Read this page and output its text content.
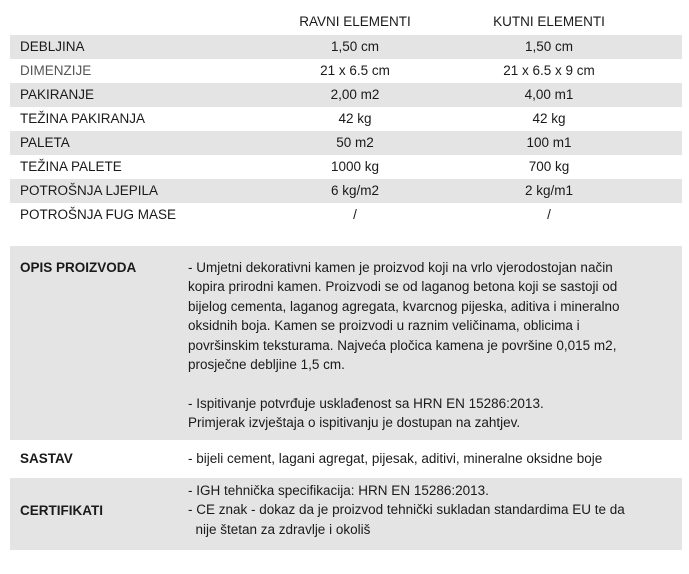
RAVNI ELEMENTI	KUTNI ELEMENTI
DEBLJINA	1,50 cm	1,50 cm
DIMENZIJE	21 x 6.5 cm	21 x 6.5 x 9 cm
PAKIRANJE	2,00 m2	4,00 m1
TEŽINA PAKIRANJA	42 kg	42 kg
PALETA	50 m2	100 m1
TEŽINA PALETE	1000 kg	700 kg
POTROŠNJA LJEPILA	6 kg/m2	2 kg/m1
POTROŠNJA FUG MASE	/	/
OPIS PROIZVODA	- Umjetni dekorativni kamen je proizvod koji na vrlo vjerodostojan način

kopira prirodni kamen. Proizvodi se od laganog betona koji se sastoji od

bijelog cementa, laganog agregata, kvarcnog pijeska, aditiva i mineralno

oksidnih boja. Kamen se proizvodi u raznim veličinama, oblicima i

površinskim teksturama. Najveća pločica kamena je površine 0,015 m2,

prosječne debljine 1,5 cm.

- Ispitivanje potvrđuje usklađenost sa HRN EN 15286:2013.

Primjerak izvještaja o ispitivanju je dostupan na zahtjev.

SASTAV	- bijeli cement, lagani agregat, pijesak, aditivi, mineralne oksidne boje
CERTIFIKATI

- IGH tehnička specifikacija: HRN EN 15286:2013.

- CE znak - dokaz da je proizvod tehnički sukladan standardima EU te da

nije štetan za zdravlje i okoliš
